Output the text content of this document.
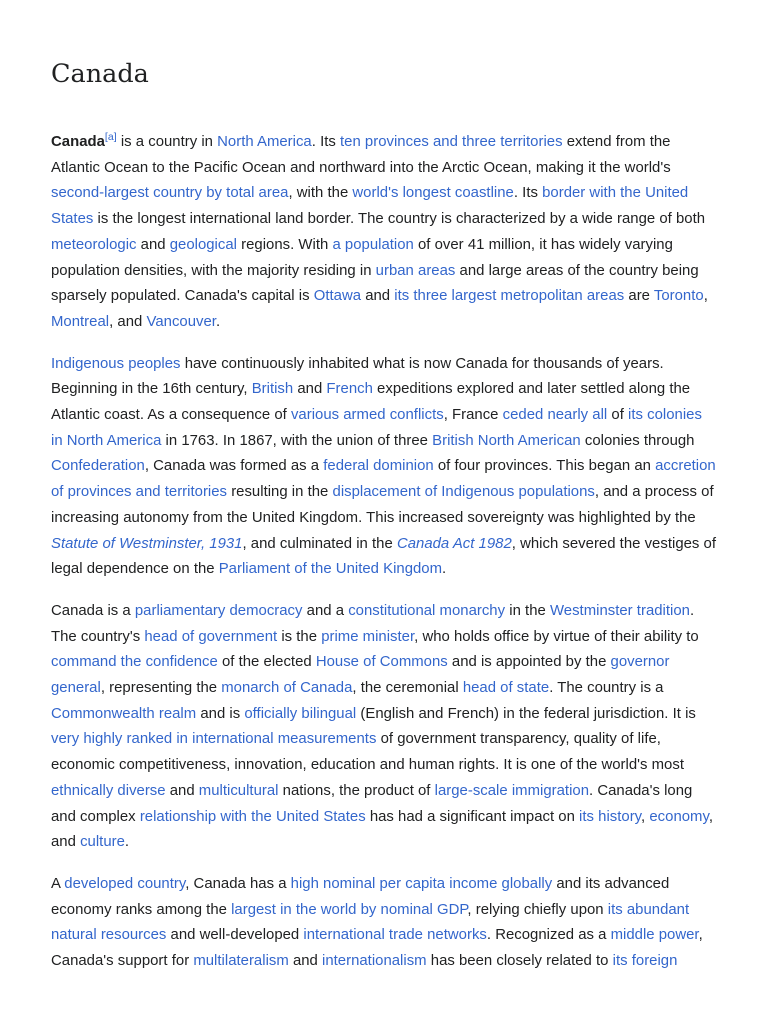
Canada

Canada[a] is a country in North America. Its ten provinces and three territories extend from the Atlantic Ocean to the Pacific Ocean and northward into the Arctic Ocean, making it the world's second-largest country by total area, with the world's longest coastline. Its border with the United States is the longest international land border. The country is characterized by a wide range of both meteorologic and geological regions. With a population of over 41 million, it has widely varying population densities, with the majority residing in urban areas and large areas of the country being sparsely populated. Canada's capital is Ottawa and its three largest metropolitan areas are Toronto, Montreal, and Vancouver.

Indigenous peoples have continuously inhabited what is now Canada for thousands of years. Beginning in the 16th century, British and French expeditions explored and later settled along the Atlantic coast. As a consequence of various armed conflicts, France ceded nearly all of its colonies in North America in 1763. In 1867, with the union of three British North American colonies through Confederation, Canada was formed as a federal dominion of four provinces. This began an accretion of provinces and territories resulting in the displacement of Indigenous populations, and a process of increasing autonomy from the United Kingdom. This increased sovereignty was highlighted by the Statute of Westminster, 1931, and culminated in the Canada Act 1982, which severed the vestiges of legal dependence on the Parliament of the United Kingdom.

Canada is a parliamentary democracy and a constitutional monarchy in the Westminster tradition. The country's head of government is the prime minister, who holds office by virtue of their ability to command the confidence of the elected House of Commons and is appointed by the governor general, representing the monarch of Canada, the ceremonial head of state. The country is a Commonwealth realm and is officially bilingual (English and French) in the federal jurisdiction. It is very highly ranked in international measurements of government transparency, quality of life, economic competitiveness, innovation, education and human rights. It is one of the world's most ethnically diverse and multicultural nations, the product of large-scale immigration. Canada's long and complex relationship with the United States has had a significant impact on its history, economy, and culture.

A developed country, Canada has a high nominal per capita income globally and its advanced economy ranks among the largest in the world by nominal GDP, relying chiefly upon its abundant natural resources and well-developed international trade networks. Recognized as a middle power, Canada's support for multilateralism and internationalism has been closely related to its foreign
